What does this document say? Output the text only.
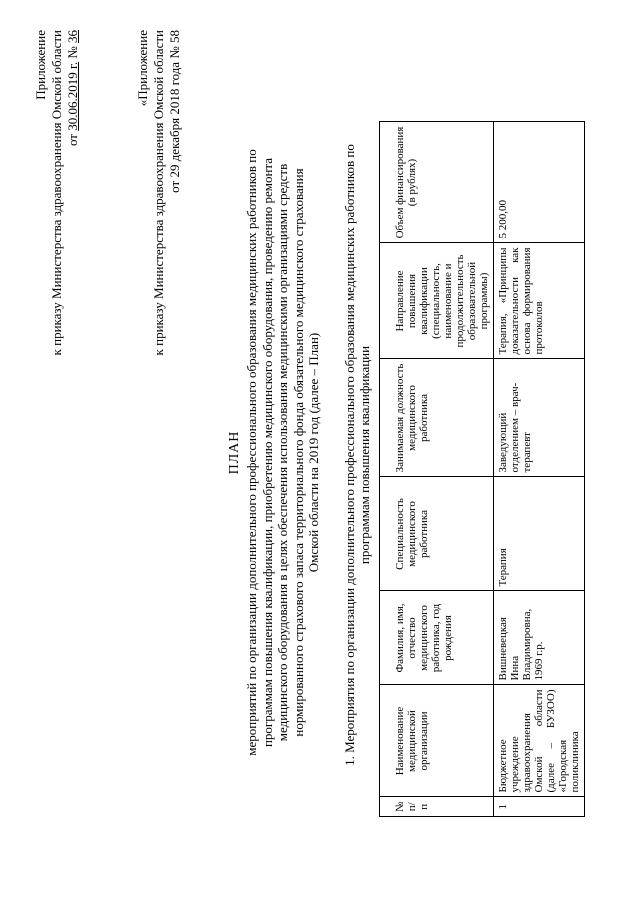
Приложение к приказу Министерства здравоохранения Омской области от 30.06.2019 г. № 36	«Приложение к приказу Министерства здравоохранения Омской области от 29 декабря 2018 года № 58
ПЛАН мероприятий по организации дополнительного профессионального образования медицинских работников по программам повышения квалификации, приобретению медицинского оборудования, проведению ремонта медицинского оборудования в целях обеспечения использования медицинскими организациями средств нормированного страхового запаса территориального фонда обязательного медицинского страхования Омской области на 2019 год (далее – План) 1. Мероприятия по организации дополнительного профессионального образования медицинских работников по программам повышения квалификации
№ п/п	Наименование медицинской организации	Фамилия, имя, отчество медицинского работника, год рождения	Специальность медицинского работника	Занимаемая должность медицинского работника	Направление повышения квалификации (специальность, наименование и продолжительность образовательной программы)	Объем финансирования (в рублях)
1	Бюджетное учреждение здравоохранения Омской области (далее – БУЗОО) «Городская поликлиника	Вишневецкая Инна Владимировна, 1969 г.р.	Терапия	Заведующий отделением – врач-терапевт	Терапия, «Принципы доказательности как основа формирования протоколов	5 200,00
